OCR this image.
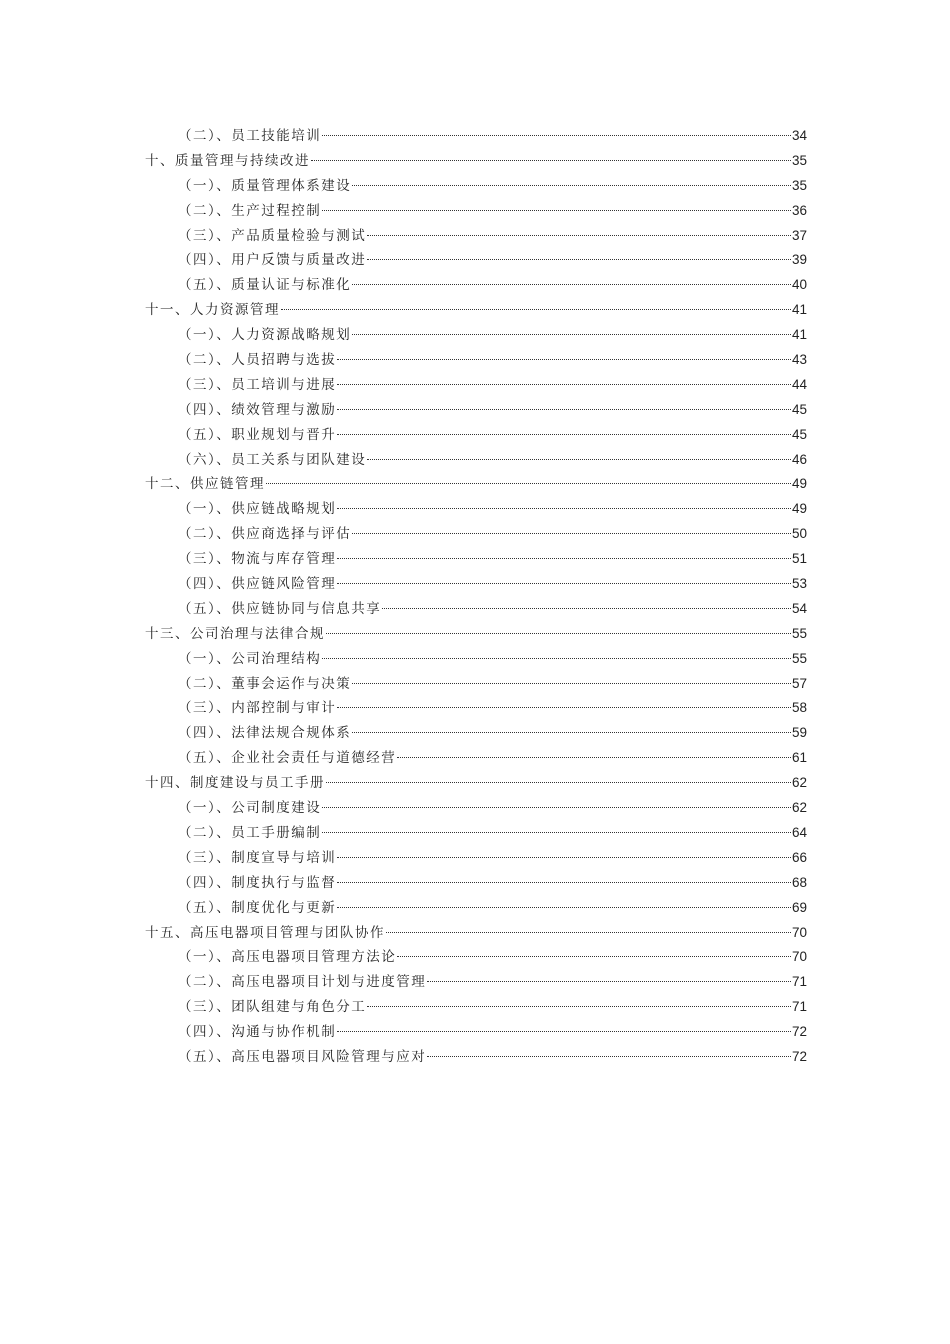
（二）、员工技能培训	34
十、质量管理与持续改进	35
（一）、质量管理体系建设	35
（二）、生产过程控制	36
（三）、产品质量检验与测试	37
（四）、用户反馈与质量改进	39
（五）、质量认证与标准化	40
十一、人力资源管理	41
（一）、人力资源战略规划	41
（二）、人员招聘与选拔	43
（三）、员工培训与进展	44
（四）、绩效管理与激励	45
（五）、职业规划与晋升	45
（六）、员工关系与团队建设	46
十二、供应链管理	49
（一）、供应链战略规划	49
（二）、供应商选择与评估	50
（三）、物流与库存管理	51
（四）、供应链风险管理	53
（五）、供应链协同与信息共享	54
十三、公司治理与法律合规	55
（一）、公司治理结构	55
（二）、董事会运作与决策	57
（三）、内部控制与审计	58
（四）、法律法规合规体系	59
（五）、企业社会责任与道德经营	61
十四、制度建设与员工手册	62
（一）、公司制度建设	62
（二）、员工手册编制	64
（三）、制度宣导与培训	66
（四）、制度执行与监督	68
（五）、制度优化与更新	69
十五、高压电器项目管理与团队协作	70
（一）、高压电器项目管理方法论	70
（二）、高压电器项目计划与进度管理	71
（三）、团队组建与角色分工	71
（四）、沟通与协作机制	72
（五）、高压电器项目风险管理与应对	72
